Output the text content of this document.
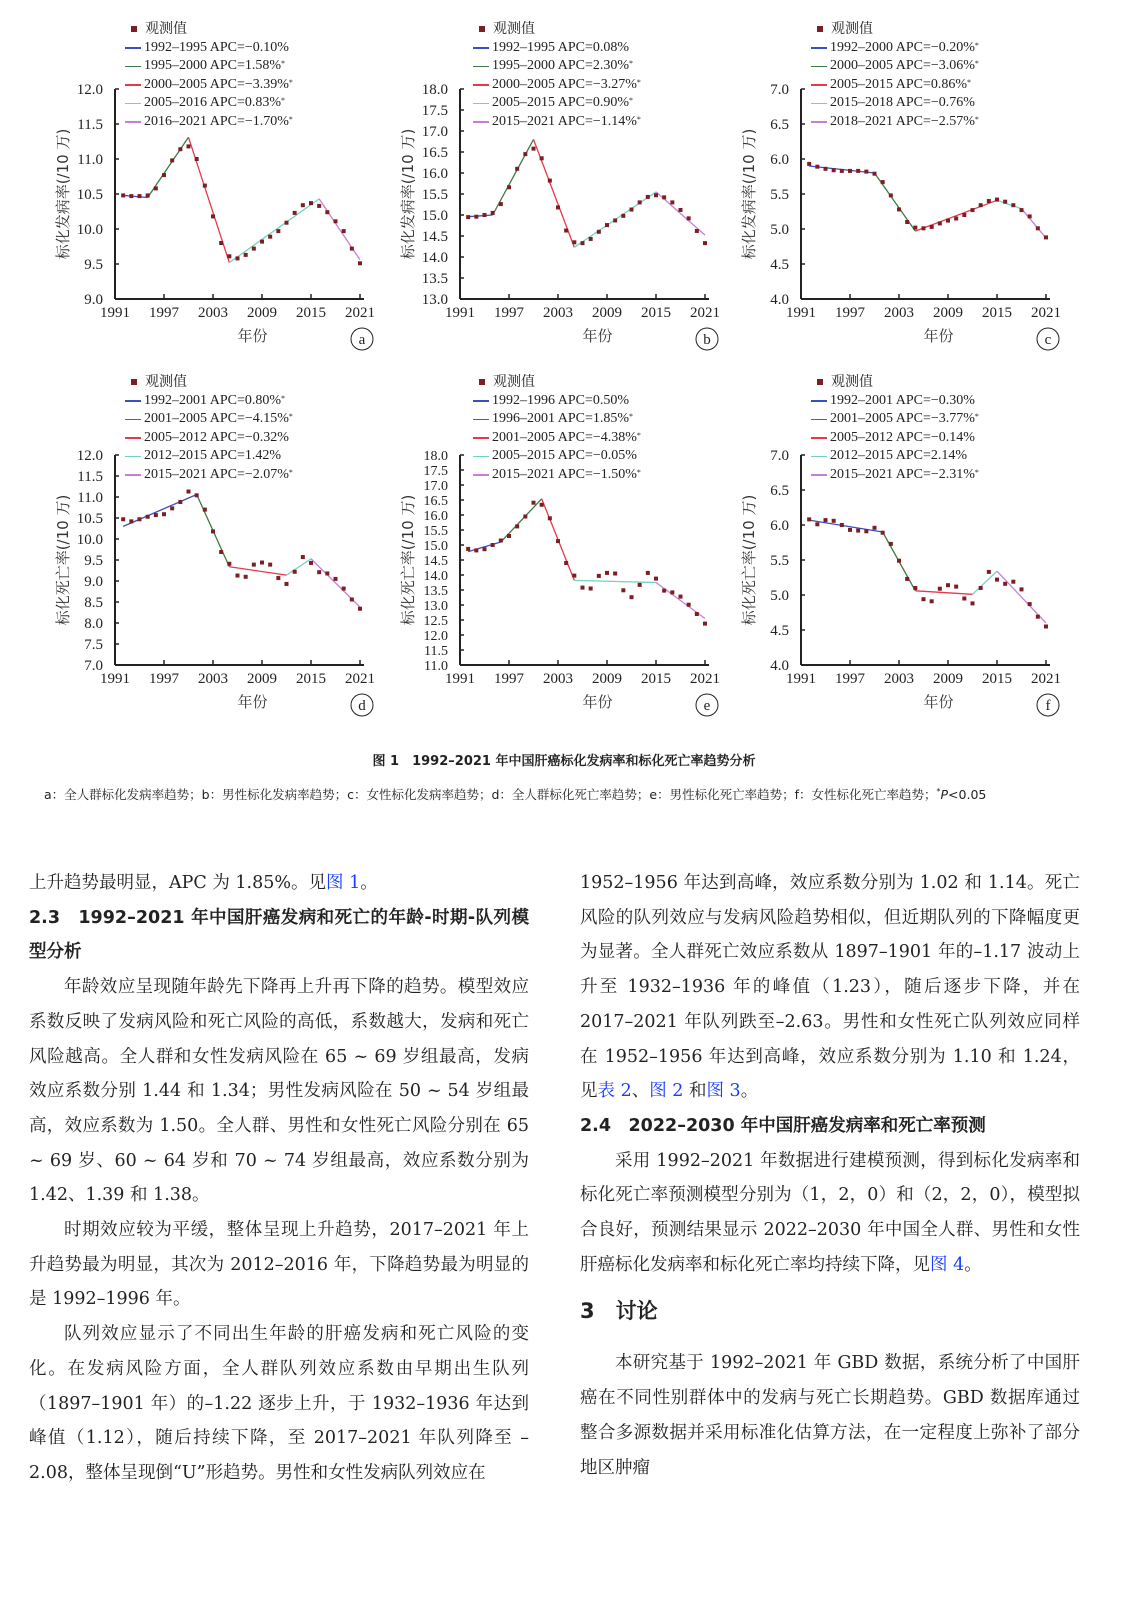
9.0
9.5
10.0
10.5
11.0
11.5
12.0
1991 1997 2003 2009 2015 2021
年份
标化发病率(/10 万)
a
观测值
1992–1995 APC=−0.10%
1995–2000 APC=1.58%*
2000–2005 APC=−3.39%*
2005–2016 APC=0.83%*
2016–2021 APC=−1.70%*
13.0
13.5
14.0
14.5
15.0
15.5
16.0
16.5
17.0
17.5
18.0
1991 1997 2003 2009 2015 2021
年份
标化发病率(/10 万)
b
观测值
1992–1995 APC=0.08%
1995–2000 APC=2.30%*
2000–2005 APC=−3.27%*
2005–2015 APC=0.90%*
2015–2021 APC=−1.14%*
4.0
4.5
5.0
5.5
6.0
6.5
7.0
1991 1997 2003 2009 2015 2021
年份
标化发病率(/10 万)
c
观测值
1992–2000 APC=−0.20%*
2000–2005 APC=−3.06%*
2005–2015 APC=0.86%*
2015–2018 APC=−0.76%
2018–2021 APC=−2.57%*
7.0
7.5
8.0
8.5
9.0
9.5
10.0
10.5
11.0
11.5
12.0
1991 1997 2003 2009 2015 2021
年份
标化死亡率(/10 万)
d
观测值
1992–2001 APC=0.80%*
2001–2005 APC=−4.15%*
2005–2012 APC=−0.32%
2012–2015 APC=1.42%
2015–2021 APC=−2.07%*
11.0
11.5
12.0
12.5
13.0
13.5
14.0
14.5
15.0
15.5
16.0
16.5
17.0
17.5
18.0
1991 1997 2003 2009 2015 2021
年份
标化死亡率(/10 万)
e
观测值
1992–1996 APC=0.50%
1996–2001 APC=1.85%*
2001–2005 APC=−4.38%*
2005–2015 APC=−0.05%
2015–2021 APC=−1.50%*
4.0
4.5
5.0
5.5
6.0
6.5
7.0
1991 1997 2003 2009 2015 2021
年份
标化死亡率(/10 万)
f
观测值
1992–2001 APC=−0.30%
2001–2005 APC=−3.77%*
2005–2012 APC=−0.14%
2012–2015 APC=2.14%
2015–2021 APC=−2.31%*
图 1　1992–2021 年中国肝癌标化发病率和标化死亡率趋势分析
a：全人群标化发病率趋势；b：男性标化发病率趋势；c：女性标化发病率趋势；d：全人群标化死亡率趋势；e：男性标化死亡率趋势；f：女性标化死亡率趋势；*P<0.05

上升趋势最明显，APC 为 1.85%。见图 1。

2.3　1992–2021 年中国肝癌发病和死亡的年龄-时期-队列模型分析

年龄效应呈现随年龄先下降再上升再下降的趋势。模型效应系数反映了发病风险和死亡风险的高低，系数越大，发病和死亡风险越高。全人群和女性发病风险在 65 ~ 69 岁组最高，发病效应系数分别 1.44 和 1.34；男性发病风险在 50 ~ 54 岁组最高，效应系数为 1.50。全人群、男性和女性死亡风险分别在 65 ~ 69 岁、60 ~ 64 岁和 70 ~ 74 岁组最高，效应系数分别为 1.42、1.39 和 1.38。

时期效应较为平缓，整体呈现上升趋势，2017–2021 年上升趋势最为明显，其次为 2012–2016 年，下降趋势最为明显的是 1992–1996 年。

队列效应显示了不同出生年龄的肝癌发病和死亡风险的变化。在发病风险方面，全人群队列效应系数由早期出生队列（1897–1901 年）的–1.22 逐步上升，于 1932–1936 年达到峰值（1.12），随后持续下降，至 2017–2021 年队列降至 –2.08，整体呈现倒“U”形趋势。男性和女性发病队列效应在

1952–1956 年达到高峰，效应系数分别为 1.02 和 1.14。死亡风险的队列效应与发病风险趋势相似，但近期队列的下降幅度更为显著。全人群死亡效应系数从 1897–1901 年的–1.17 波动上升至 1932–1936 年的峰值（1.23），随后逐步下降，并在 2017–2021 年队列跌至–2.63。男性和女性死亡队列效应同样在 1952–1956 年达到高峰，效应系数分别为 1.10 和 1.24，见表 2、图 2 和图 3。

2.4　2022–2030 年中国肝癌发病率和死亡率预测

采用 1992–2021 年数据进行建模预测，得到标化发病率和标化死亡率预测模型分别为（1，2，0）和（2，2，0），模型拟合良好，预测结果显示 2022–2030 年中国全人群、男性和女性肝癌标化发病率和标化死亡率均持续下降，见图 4。

3　讨论

本研究基于 1992–2021 年 GBD 数据，系统分析了中国肝癌在不同性别群体中的发病与死亡长期趋势。GBD 数据库通过整合多源数据并采用标准化估算方法，在一定程度上弥补了部分地区肿瘤
